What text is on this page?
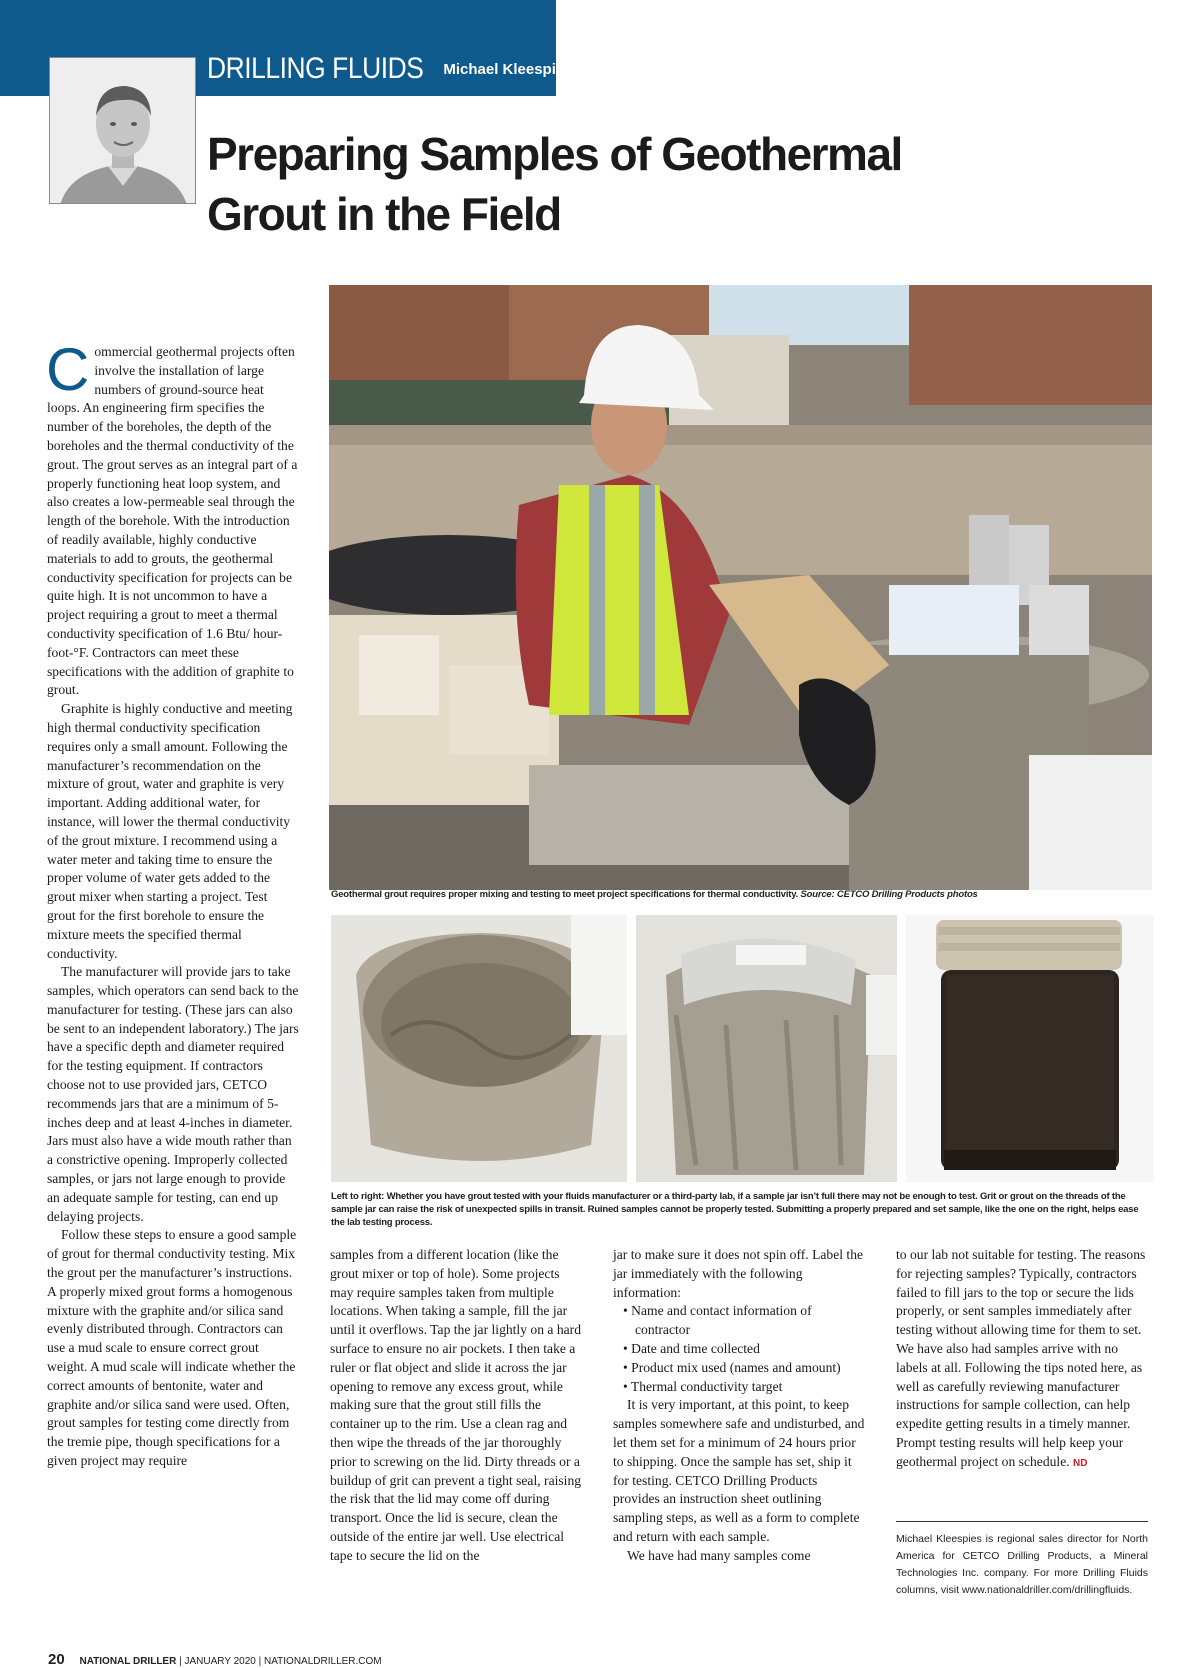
DRILLING FLUIDS Michael Kleespies
Preparing Samples of Geothermal Grout in the Field
Geothermal grout requires proper mixing and testing to meet project specifications for thermal conductivity. Source: CETCO Drilling Products photos
Left to right: Whether you have grout tested with your fluids manufacturer or a third-party lab, if a sample jar isn’t full there may not be enough to test. Grit or grout on the threads of the sample jar can raise the risk of unexpected spills in transit. Ruined samples cannot be properly tested. Submitting a properly prepared and set sample, like the one on the right, helps ease the lab testing process.

Commercial geothermal projects often involve the installation of large numbers of ground-source heat loops. An engineering firm specifies the number of the boreholes, the depth of the boreholes and the thermal conductivity of the grout. The grout serves as an integral part of a properly functioning heat loop system, and also creates a low-permeable seal through the length of the borehole. With the introduction of readily available, highly conductive materials to add to grouts, the geothermal conductivity specification for projects can be quite high. It is not uncommon to have a project requiring a grout to meet a thermal conductivity specification of 1.6 Btu/ hour-foot-°F. Contractors can meet these specifications with the addition of graphite to grout.

Graphite is highly conductive and meeting high thermal conductivity specification requires only a small amount. Following the manufacturer’s recommendation on the mixture of grout, water and graphite is very important. Adding additional water, for instance, will lower the thermal conductivity of the grout mixture. I recommend using a water meter and taking time to ensure the proper volume of water gets added to the grout mixer when starting a project. Test grout for the first borehole to ensure the mixture meets the specified thermal conductivity.

The manufacturer will provide jars to take samples, which operators can send back to the manufacturer for testing. (These jars can also be sent to an independent laboratory.) The jars have a specific depth and diameter required for the testing equipment. If contractors choose not to use provided jars, CETCO recommends jars that are a minimum of 5-inches deep and at least 4-inches in diameter. Jars must also have a wide mouth rather than a constrictive opening. Improperly collected samples, or jars not large enough to provide an adequate sample for testing, can end up delaying projects.

Follow these steps to ensure a good sample of grout for thermal conductivity testing. Mix the grout per the manufacturer’s instructions. A properly mixed grout forms a homogenous mixture with the graphite and/or silica sand evenly distributed through. Contractors can use a mud scale to ensure correct grout weight. A mud scale will indicate whether the correct amounts of bentonite, water and graphite and/or silica sand were used. Often, grout samples for testing come directly from the tremie pipe, though specifications for a given project may require

samples from a different location (like the grout mixer or top of hole). Some projects may require samples taken from multiple locations. When taking a sample, fill the jar until it overflows. Tap the jar lightly on a hard surface to ensure no air pockets. I then take a ruler or flat object and slide it across the jar opening to remove any excess grout, while making sure that the grout still fills the container up to the rim. Use a clean rag and then wipe the threads of the jar thoroughly prior to screwing on the lid. Dirty threads or a buildup of grit can prevent a tight seal, raising the risk that the lid may come off during transport. Once the lid is secure, clean the outside of the entire jar well. Use electrical tape to secure the lid on the

jar to make sure it does not spin off. Label the jar immediately with the following information:

• Name and contact information of contractor
• Date and time collected
• Product mix used (names and amount)
• Thermal conductivity target

It is very important, at this point, to keep samples somewhere safe and undisturbed, and let them set for a minimum of 24 hours prior to shipping. Once the sample has set, ship it for testing. CETCO Drilling Products provides an instruction sheet outlining sampling steps, as well as a form to complete and return with each sample.

We have had many samples come

to our lab not suitable for testing. The reasons for rejecting samples? Typically, contractors failed to fill jars to the top or secure the lids properly, or sent samples immediately after testing without allowing time for them to set. We have also had samples arrive with no labels at all. Following the tips noted here, as well as carefully reviewing manufacturer instructions for sample collection, can help expedite getting results in a timely manner. Prompt testing results will help keep your geothermal project on schedule. ND

Michael Kleespies is regional sales director for North America for CETCO Drilling Products, a Mineral Technologies Inc. company. For more Drilling Fluids columns, visit www.nationaldriller.com/drillingfluids.
20 NATIONAL DRILLER | JANUARY 2020 | NATIONALDRILLER.COM
